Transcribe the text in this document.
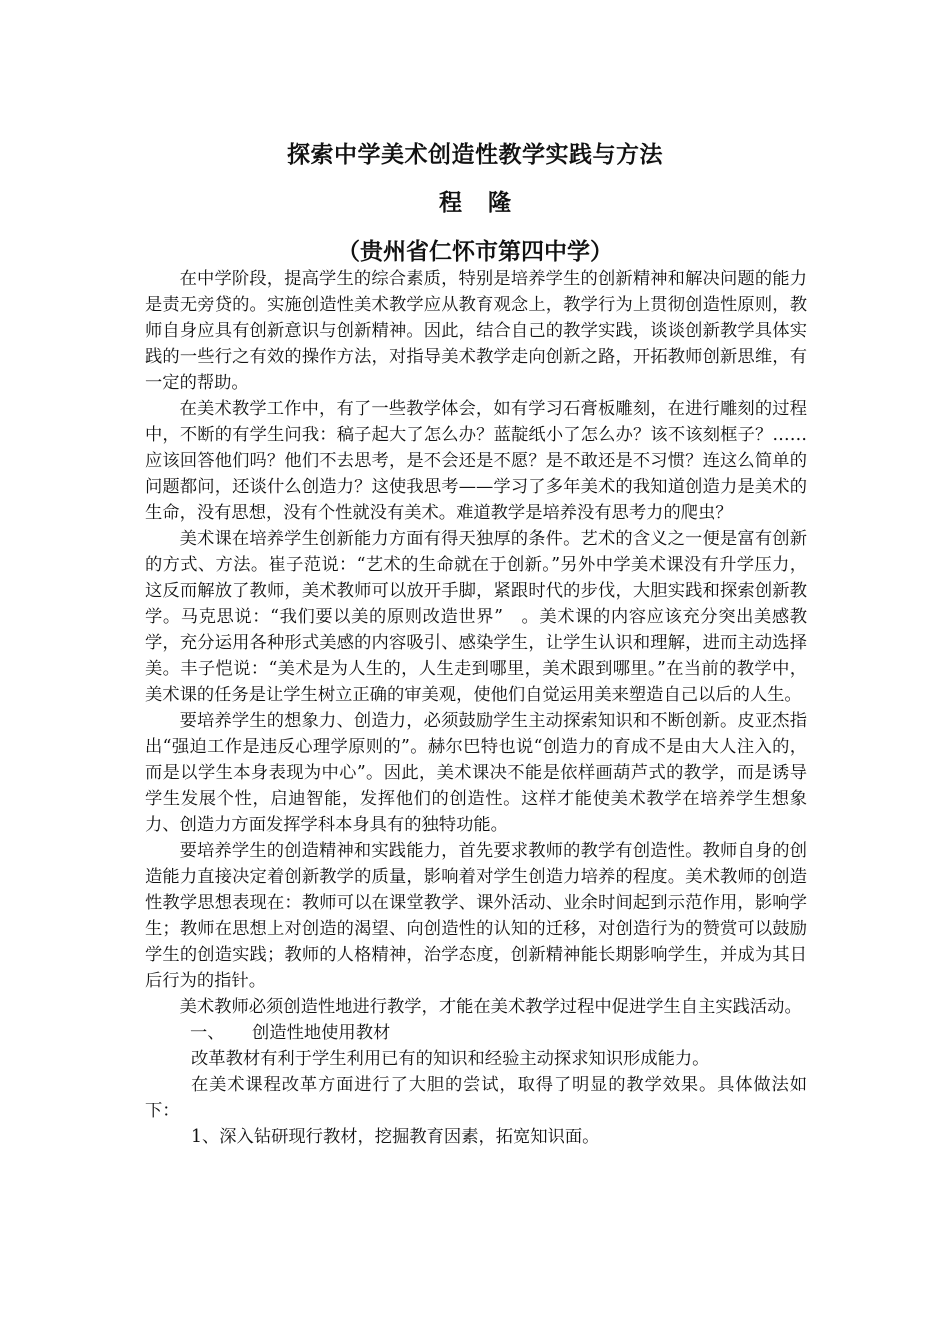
探索中学美术创造性教学实践与方法
程隆
（贵州省仁怀市第四中学）

在中学阶段，提高学生的综合素质，特别是培养学生的创新精神和解决问题的能力是责无旁贷的。实施创造性美术教学应从教育观念上，教学行为上贯彻创造性原则，教师自身应具有创新意识与创新精神。因此，结合自己的教学实践，谈谈创新教学具体实践的一些行之有效的操作方法，对指导美术教学走向创新之路，开拓教师创新思维，有一定的帮助。

在美术教学工作中，有了一些教学体会，如有学习石膏板雕刻，在进行雕刻的过程中，不断的有学生问我：稿子起大了怎么办？蓝靛纸小了怎么办？该不该刻框子？……应该回答他们吗？他们不去思考，是不会还是不愿？是不敢还是不习惯？连这么简单的问题都问，还谈什么创造力？这使我思考——学习了多年美术的我知道创造力是美术的生命，没有思想，没有个性就没有美术。难道教学是培养没有思考力的爬虫？

美术课在培养学生创新能力方面有得天独厚的条件。艺术的含义之一便是富有创新的方式、方法。崔子范说：“艺术的生命就在于创新。”另外中学美术课没有升学压力，这反而解放了教师，美术教师可以放开手脚，紧跟时代的步伐，大胆实践和探索创新教学。马克思说：“我们要以美的原则改造世界”　。美术课的内容应该充分突出美感教学，充分运用各种形式美感的内容吸引、感染学生，让学生认识和理解，进而主动选择美。丰子恺说：“美术是为人生的，人生走到哪里，美术跟到哪里。”在当前的教学中，美术课的任务是让学生树立正确的审美观，使他们自觉运用美来塑造自己以后的人生。

要培养学生的想象力、创造力，必须鼓励学生主动探索知识和不断创新。皮亚杰指出“强迫工作是违反心理学原则的”。赫尔巴特也说“创造力的育成不是由大人注入的，而是以学生本身表现为中心”。因此，美术课决不能是依样画葫芦式的教学，而是诱导学生发展个性，启迪智能，发挥他们的创造性。这样才能使美术教学在培养学生想象力、创造力方面发挥学科本身具有的独特功能。

要培养学生的创造精神和实践能力，首先要求教师的教学有创造性。教师自身的创造能力直接决定着创新教学的质量，影响着对学生创造力培养的程度。美术教师的创造性教学思想表现在：教师可以在课堂教学、课外活动、业余时间起到示范作用，影响学生；教师在思想上对创造的渴望、向创造性的认知的迁移，对创造行为的赞赏可以鼓励学生的创造实践；教师的人格精神，治学态度，创新精神能长期影响学生，并成为其日后行为的指针。

美术教师必须创造性地进行教学，才能在美术教学过程中促进学生自主实践活动。

一、 创造性地使用教材
改革教材有利于学生利用已有的知识和经验主动探求知识形成能力。
在美术课程改革方面进行了大胆的尝试，取得了明显的教学效果。具体做法如下：
1、深入钻研现行教材，挖掘教育因素，拓宽知识面。
